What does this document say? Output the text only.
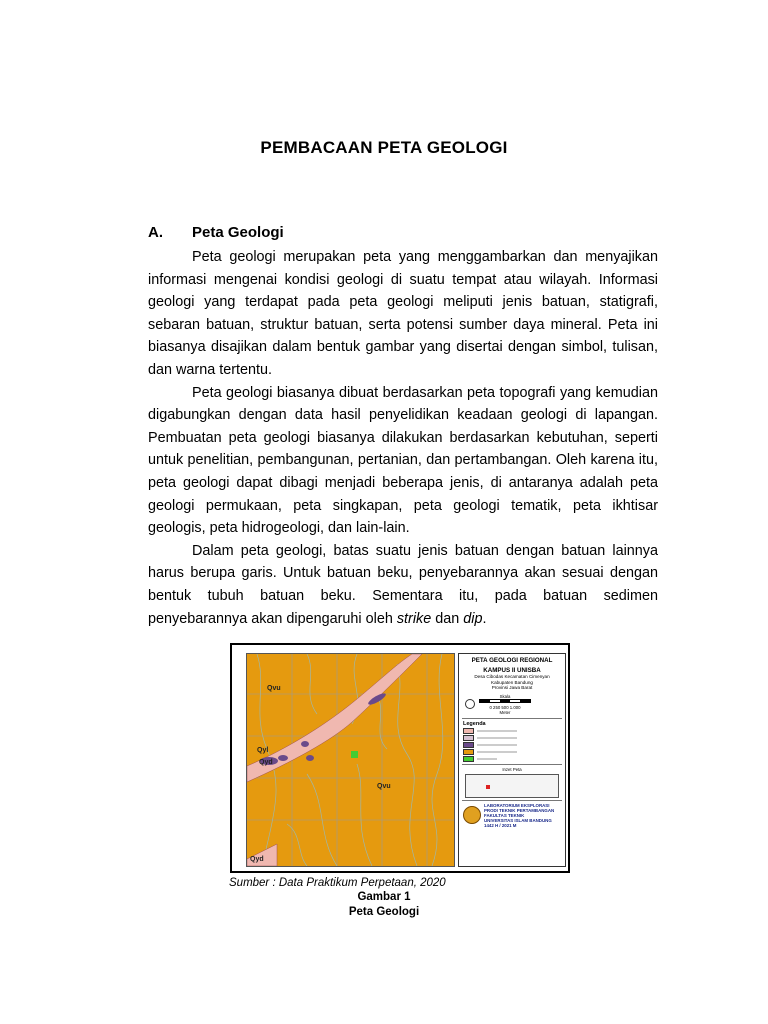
PEMBACAAN PETA GEOLOGI
A. Peta Geologi

Peta geologi merupakan peta yang menggambarkan dan menyajikan informasi mengenai kondisi geologi di suatu tempat atau wilayah. Informasi geologi yang terdapat pada peta geologi meliputi jenis batuan, statigrafi, sebaran batuan, struktur batuan, serta potensi sumber daya mineral. Peta ini biasanya disajikan dalam bentuk gambar yang disertai dengan simbol, tulisan, dan warna tertentu.

Peta geologi biasanya dibuat berdasarkan peta topografi yang kemudian digabungkan dengan data hasil penyelidikan keadaan geologi di lapangan. Pembuatan peta geologi biasanya dilakukan berdasarkan kebutuhan, seperti untuk penelitian, pembangunan, pertanian, dan pertambangan. Oleh karena itu, peta geologi dapat dibagi menjadi beberapa jenis, di antaranya adalah peta geologi permukaan, peta singkapan, peta geologi tematik, peta ikhtisar geologis, peta hidrogeologi, dan lain-lain.

Dalam peta geologi, batas suatu jenis batuan dengan batuan lainnya harus berupa garis. Untuk batuan beku, penyebarannya akan sesuai dengan bentuk tubuh batuan beku. Sementara itu, pada batuan sedimen penyebarannya akan dipengaruhi oleh strike dan dip.

Qvu
Qyl
Qyd
Qvu
Qyd
PETA GEOLOGI REGIONAL
KAMPUS II UNISBA
Desa Cibodas Kecamatan Cimenyan
Kabupaten Bandung
Provinsi Jawa Barat
Skala
0 250 500 1.000
Meter
Legenda
Inzet Peta
LABORATORIUM EKSPLORASI
PRODI TEKNIK PERTAMBANGAN
FAKULTAS TEKNIK
UNIVERSITAS ISLAM BANDUNG
1442 H / 2021 M
Sumber : Data Praktikum Perpetaan, 2020
Gambar 1
Peta Geologi
